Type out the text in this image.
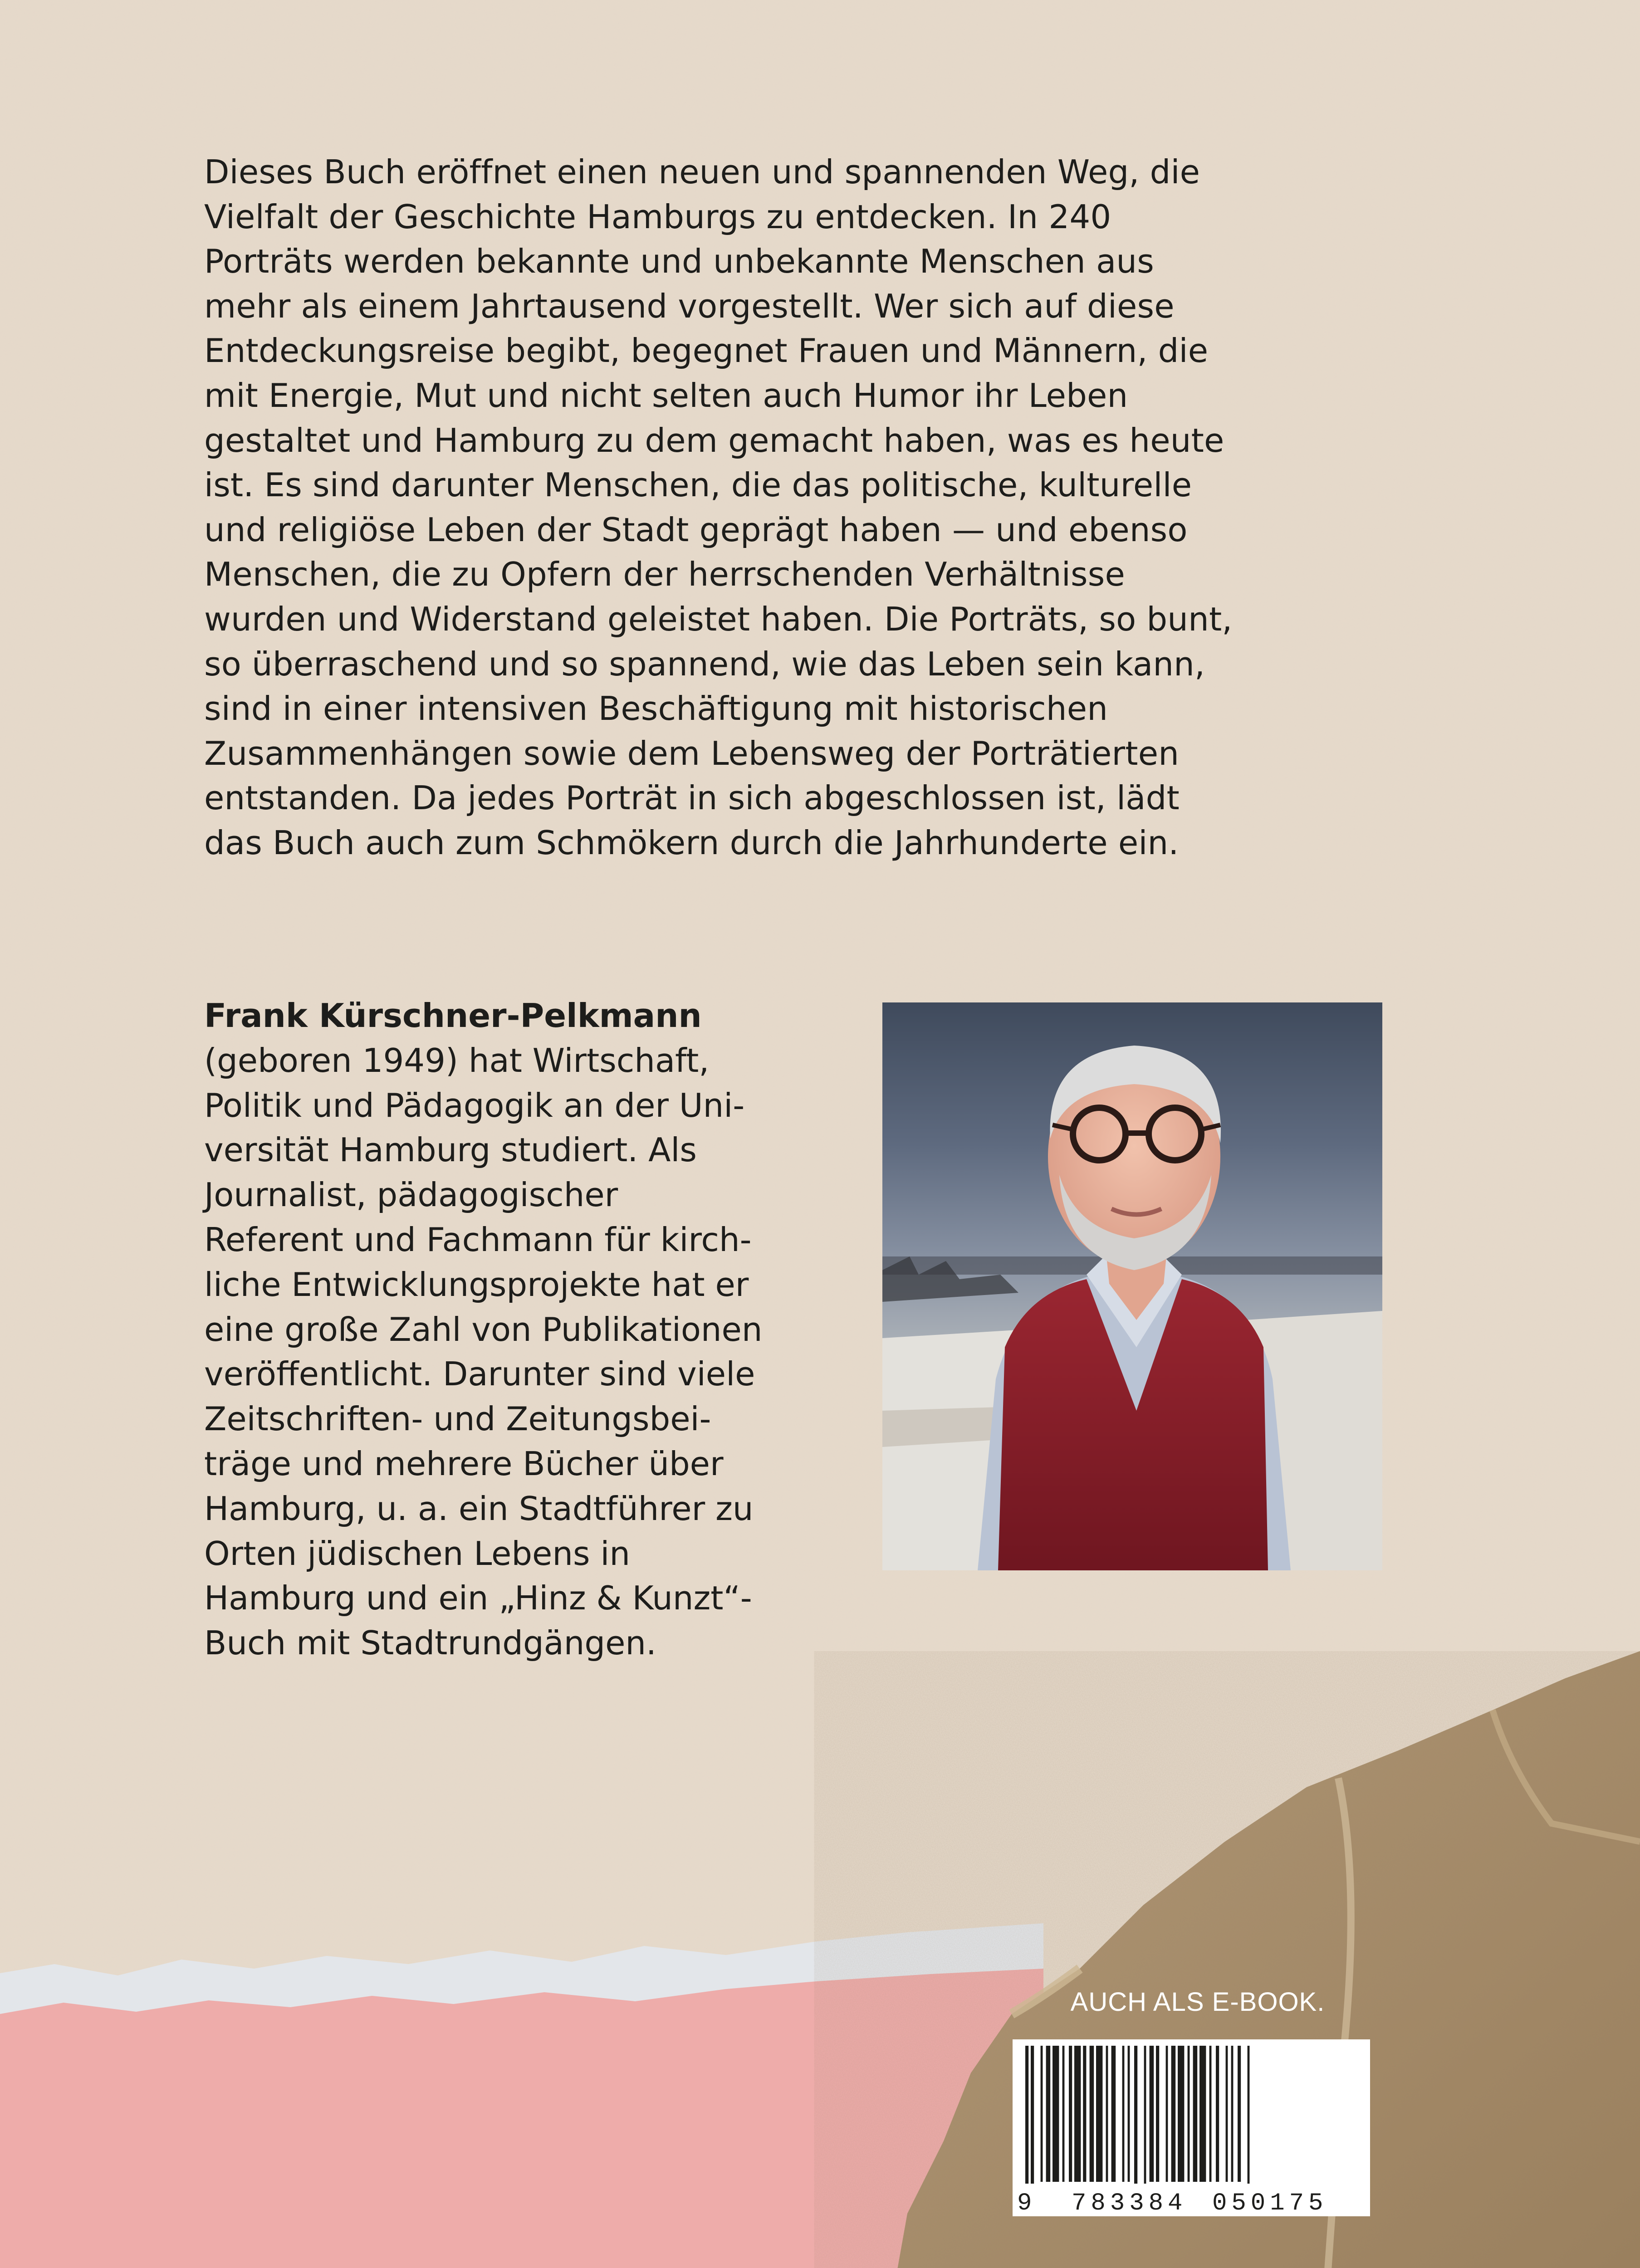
Dieses Buch eröffnet einen neuen und spannenden Weg, die
Vielfalt der Geschichte Hamburgs zu entdecken. In 240
Porträts werden bekannte und unbekannte Menschen aus
mehr als einem Jahrtausend vorgestellt. Wer sich auf diese
Entdeckungsreise begibt, begegnet Frauen und Männern, die
mit Energie, Mut und nicht selten auch Humor ihr Leben
gestaltet und Hamburg zu dem gemacht haben, was es heute
ist. Es sind darunter Menschen, die das politische, kulturelle
und religiöse Leben der Stadt geprägt haben — und ebenso
Menschen, die zu Opfern der herrschenden Verhältnisse
wurden und Widerstand geleistet haben. Die Porträts, so bunt,
so überraschend und so spannend, wie das Leben sein kann,
sind in einer intensiven Beschäftigung mit historischen
Zusammenhängen sowie dem Lebensweg der Porträtierten
entstanden. Da jedes Porträt in sich abgeschlossen ist, lädt
das Buch auch zum Schmökern durch die Jahrhunderte ein.
Frank Kürschner-Pelkmann
(geboren 1949) hat Wirtschaft,
Politik und Pädagogik an der Uni-
versität Hamburg studiert. Als
Journalist, pädagogischer
Referent und Fachmann für kirch-
liche Entwicklungsprojekte hat er
eine große Zahl von Publikationen
veröffentlicht. Darunter sind viele
Zeitschriften- und Zeitungsbei-
träge und mehrere Bücher über
Hamburg, u. a. ein Stadtführer zu
Orten jüdischen Lebens in
Hamburg und ein „Hinz & Kunzt“-
Buch mit Stadtrundgängen.
AUCH ALS E-BOOK.
9 783384 050175
